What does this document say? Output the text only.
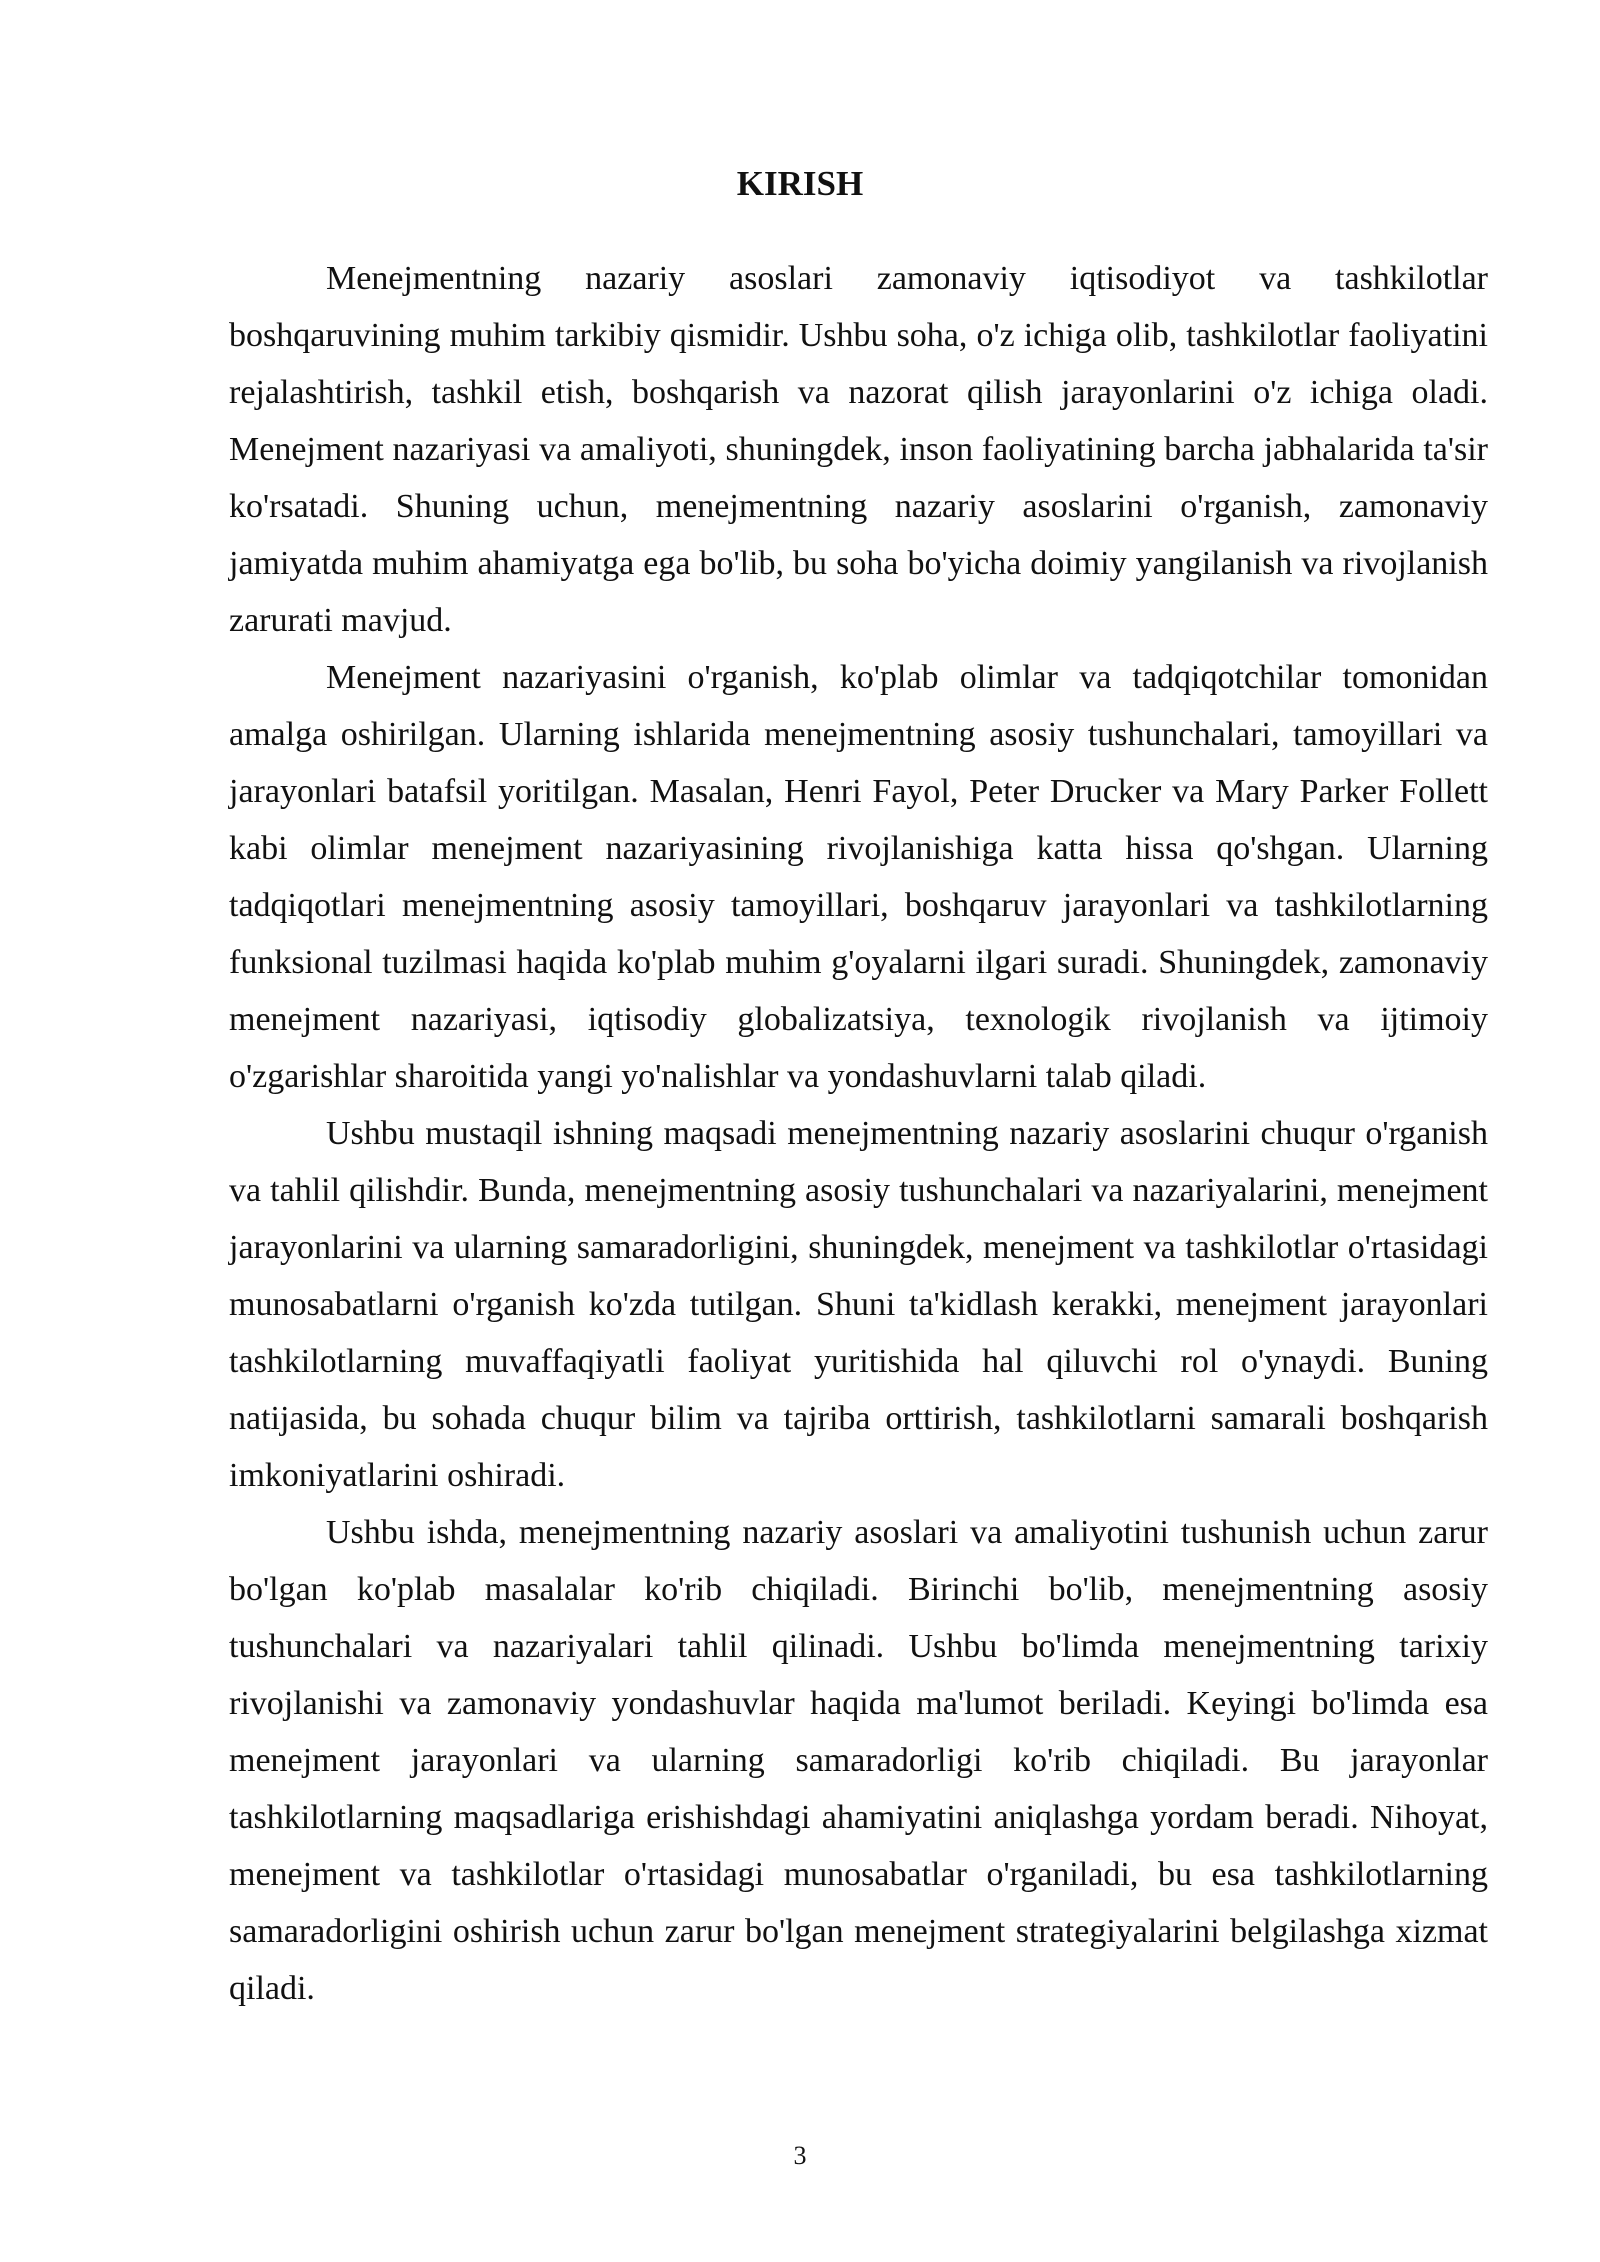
KIRISH

Menejmentning nazariy asoslari zamonaviy iqtisodiyot va tashkilotlar boshqaruvining muhim tarkibiy qismidir. Ushbu soha, o'z ichiga olib, tashkilotlar faoliyatini rejalashtirish, tashkil etish, boshqarish va nazorat qilish jarayonlarini o'z ichiga oladi. Menejment nazariyasi va amaliyoti, shuningdek, inson faoliyatining barcha jabhalarida ta'sir ko'rsatadi. Shuning uchun, menejmentning nazariy asoslarini o'rganish, zamonaviy jamiyatda muhim ahamiyatga ega bo'lib, bu soha bo'yicha doimiy yangilanish va rivojlanish zarurati mavjud.

Menejment nazariyasini o'rganish, ko'plab olimlar va tadqiqotchilar tomonidan amalga oshirilgan. Ularning ishlarida menejmentning asosiy tushunchalari, tamoyillari va jarayonlari batafsil yoritilgan. Masalan, Henri Fayol, Peter Drucker va Mary Parker Follett kabi olimlar menejment nazariyasining rivojlanishiga katta hissa qo'shgan. Ularning tadqiqotlari menejmentning asosiy tamoyillari, boshqaruv jarayonlari va tashkilotlarning funksional tuzilmasi haqida ko'plab muhim g'oyalarni ilgari suradi. Shuningdek, zamonaviy menejment nazariyasi, iqtisodiy globalizatsiya, texnologik rivojlanish va ijtimoiy o'zgarishlar sharoitida yangi yo'nalishlar va yondashuvlarni talab qiladi.

Ushbu mustaqil ishning maqsadi menejmentning nazariy asoslarini chuqur o'rganish va tahlil qilishdir. Bunda, menejmentning asosiy tushunchalari va nazariyalarini, menejment jarayonlarini va ularning samaradorligini, shuningdek, menejment va tashkilotlar o'rtasidagi munosabatlarni o'rganish ko'zda tutilgan. Shuni ta'kidlash kerakki, menejment jarayonlari tashkilotlarning muvaffaqiyatli faoliyat yuritishida hal qiluvchi rol o'ynaydi. Buning natijasida, bu sohada chuqur bilim va tajriba orttirish, tashkilotlarni samarali boshqarish imkoniyatlarini oshiradi.

Ushbu ishda, menejmentning nazariy asoslari va amaliyotini tushunish uchun zarur bo'lgan ko'plab masalalar ko'rib chiqiladi. Birinchi bo'lib, menejmentning asosiy tushunchalari va nazariyalari tahlil qilinadi. Ushbu bo'limda menejmentning tarixiy rivojlanishi va zamonaviy yondashuvlar haqida ma'lumot beriladi. Keyingi bo'limda esa menejment jarayonlari va ularning samaradorligi ko'rib chiqiladi. Bu jarayonlar tashkilotlarning maqsadlariga erishishdagi ahamiyatini aniqlashga yordam beradi. Nihoyat, menejment va tashkilotlar o'rtasidagi munosabatlar o'rganiladi, bu esa tashkilotlarning samaradorligini oshirish uchun zarur bo'lgan menejment strategiyalarini belgilashga xizmat qiladi.

3
